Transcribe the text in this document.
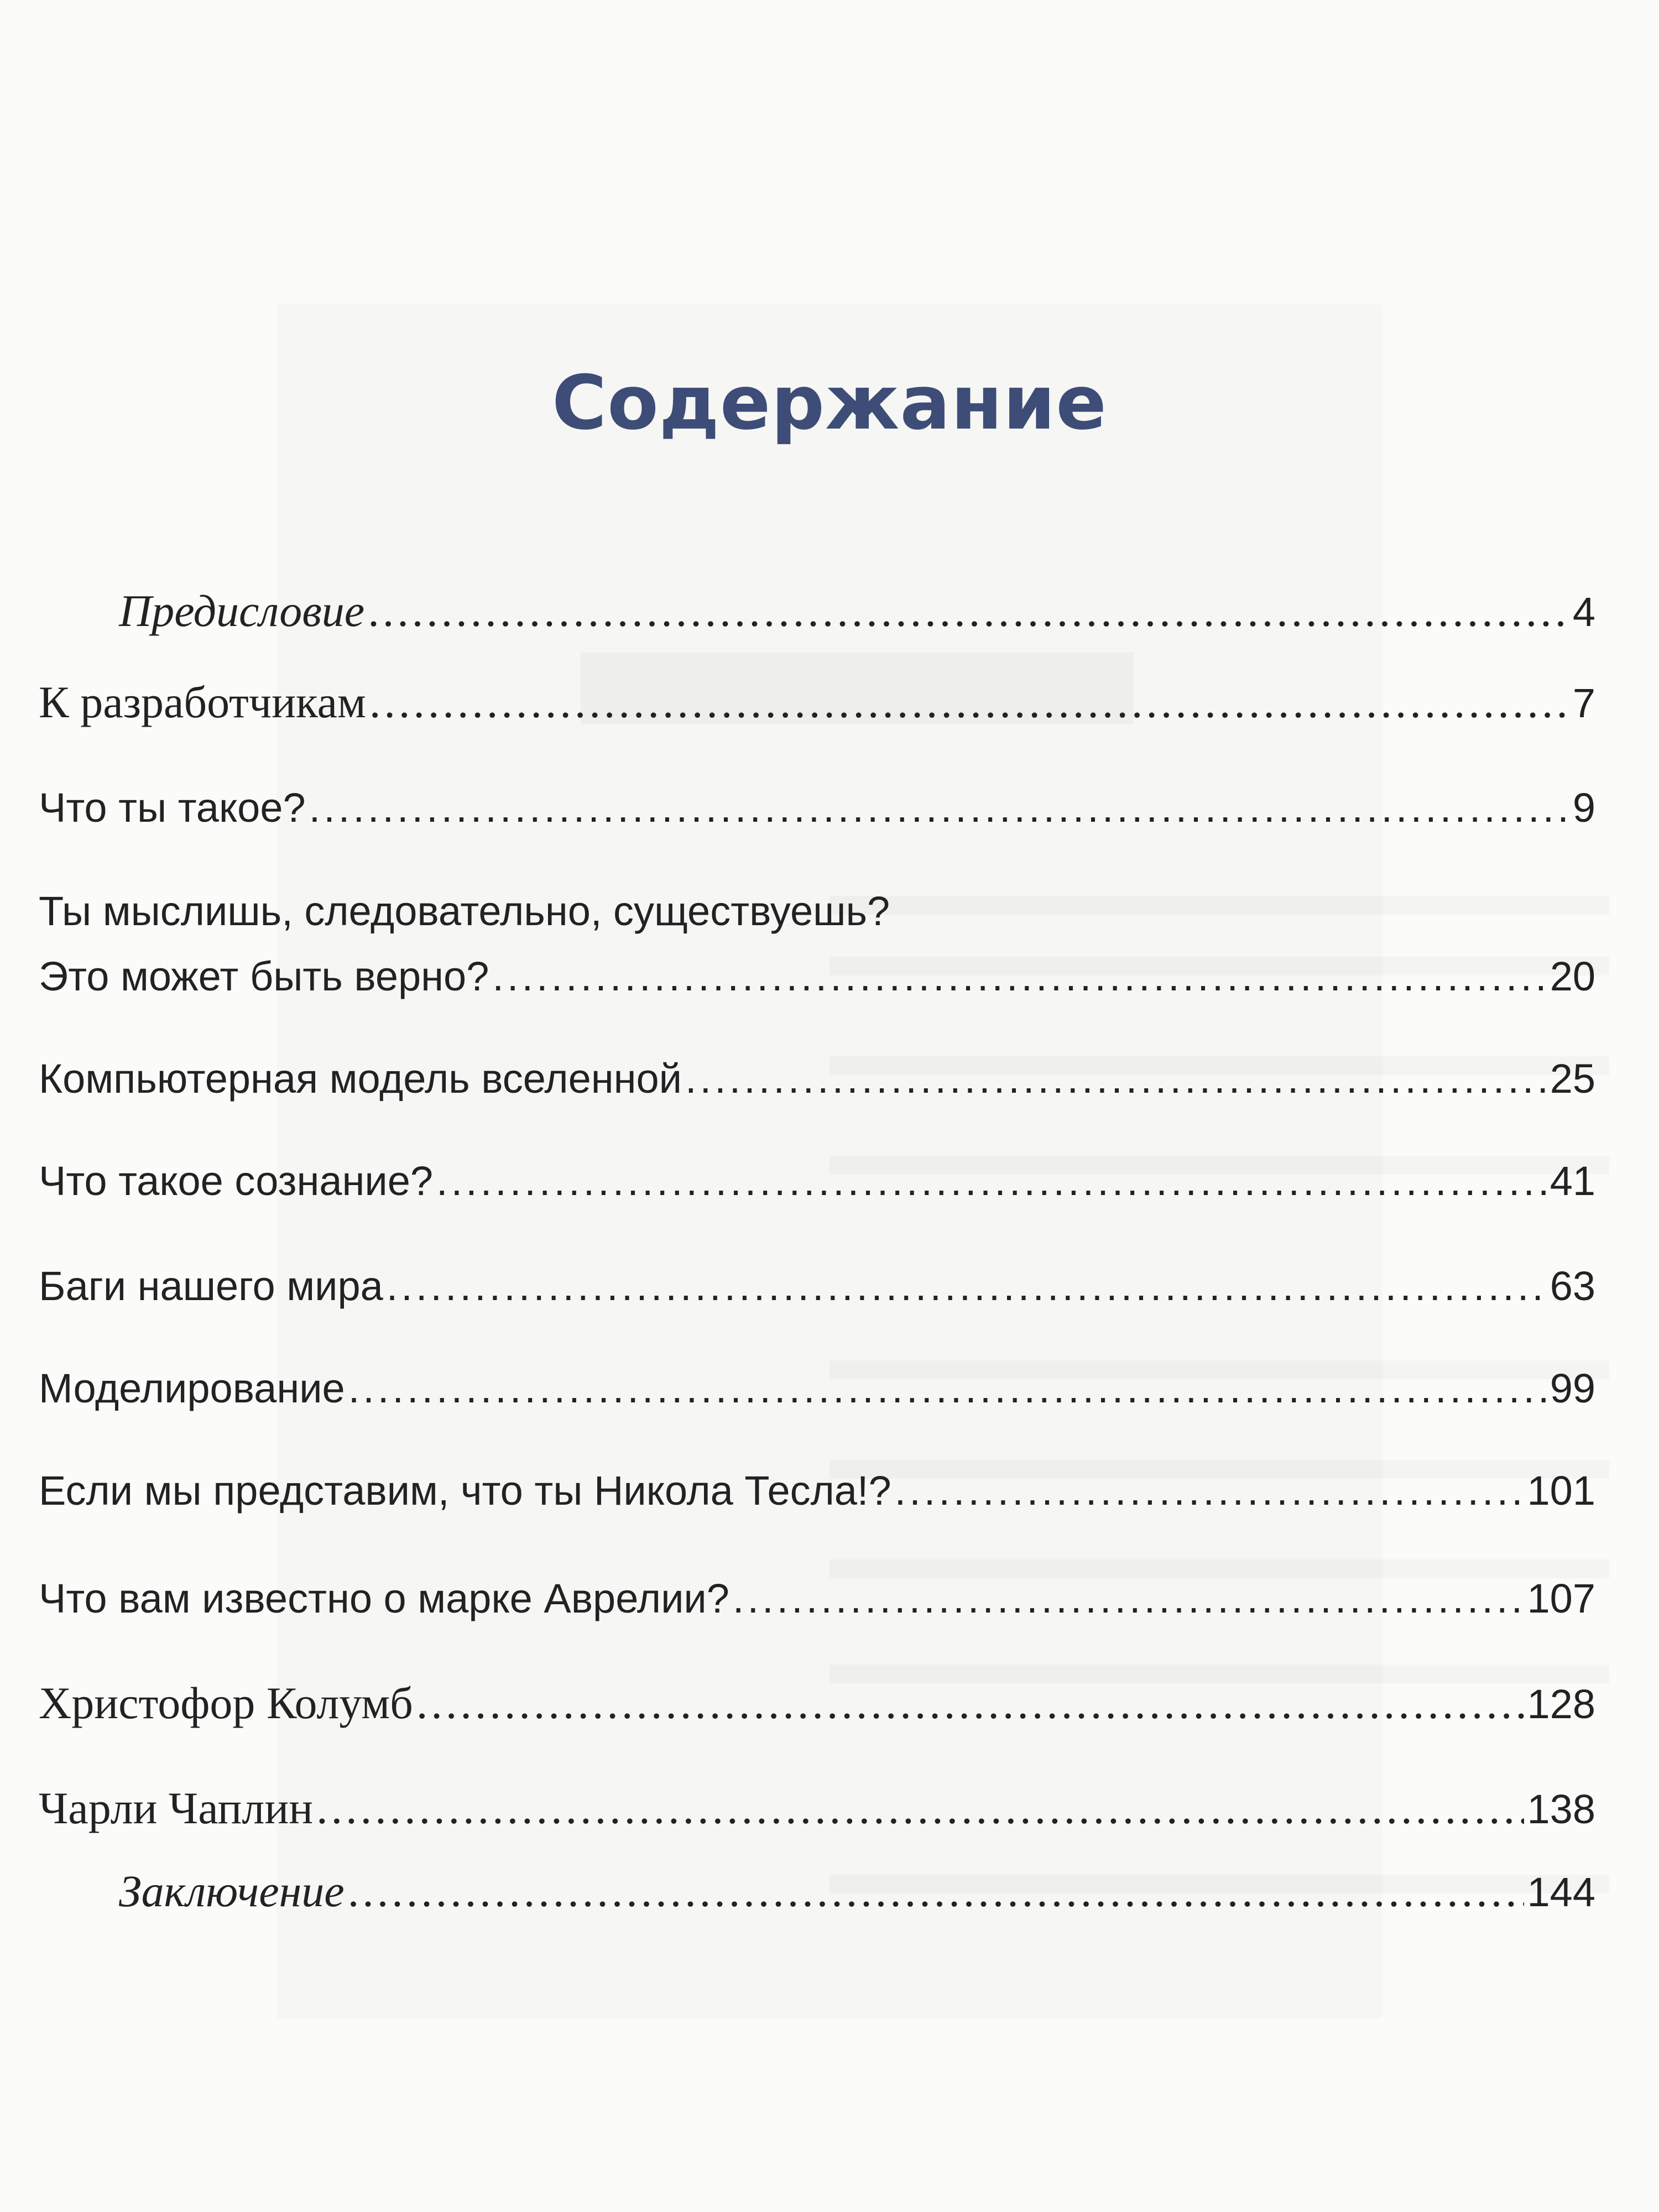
Содержание
Предисловие .....	4
К разработчикам .....	7
Что ты такое? .....	9
Ты мыслишь, следовательно, существуешь?
Это может быть верно? .....	20
Компьютерная модель вселенной .....	25
Что такое сознание? .....	41
Баги нашего мира .....	63
Моделирование .....	99
Если мы представим, что ты Никола Тесла!? .....	101
Что вам известно о марке Аврелии? .....	107
Христофор Колумб .....	128
Чарли Чаплин .....	138
Заключение .....	144
